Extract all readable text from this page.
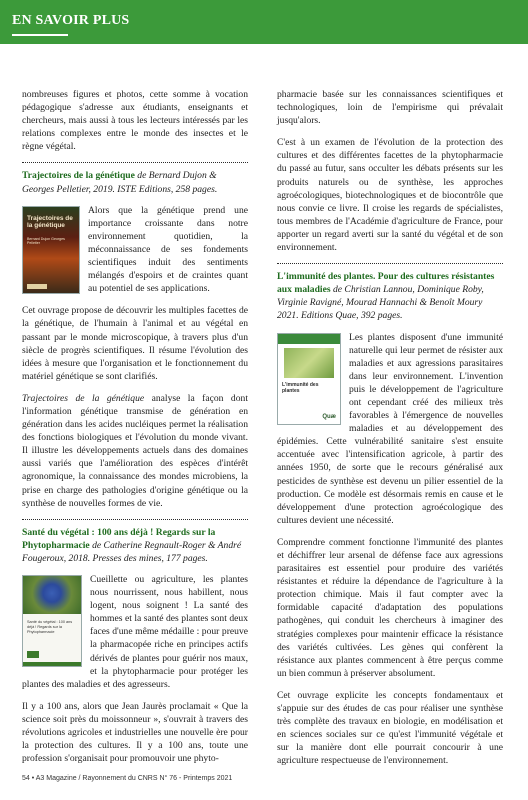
EN SAVOIR PLUS

nombreuses figures et photos, cette somme à vocation pédagogique s'adresse aux étudiants, enseignants et chercheurs, mais aussi à tous les lecteurs intéressés par les relations complexes entre le monde des insectes et le règne végétal.

Trajectoires de la génétique de Bernard Dujon & Georges Pelletier, 2019. ISTE Editions, 258 pages.
Trajectoires de la génétique
Bernard Dujon Georges Pelletier

Alors que la génétique prend une importance croissante dans notre environnement quotidien, la méconnaissance de ses fondements scientifiques induit des sentiments mélangés d'espoirs et de craintes quant au potentiel de ses applications.

Cet ouvrage propose de découvrir les multiples facettes de la génétique, de l'humain à l'animal et au végétal en passant par le monde microscopique, à travers plus d'un siècle de progrès scientifiques. Il résume l'évolution des idées à mesure que l'organisation et le fonctionnement du matériel génétique se sont clarifiés.

Trajectoires de la génétique analyse la façon dont l'information génétique transmise de génération en génération dans les acides nucléiques permet la réalisation des fonctions biologiques et l'évolution du monde vivant. Il illustre les développements actuels dans des domaines aussi variés que l'amélioration des espèces d'intérêt agronomique, la connaissance des mondes microbiens, la prise en charge des pathologies d'origine génétique ou la synthèse de nouvelles formes de vie.

Santé du végétal : 100 ans déjà ! Regards sur la Phytopharmacie de Catherine Regnault-Roger & André Fougeroux, 2018. Presses des mines, 177 pages.
Santé du végétal : 100 ans déjà ! Regards sur la Phytopharmacie

Cueillette ou agriculture, les plantes nous nourrissent, nous habillent, nous logent, nous soignent ! La santé des hommes et la santé des plantes sont deux faces d'une même médaille : pour preuve la pharmacopée riche en principes actifs dérivés de plantes pour guérir nos maux, et la phytopharmacie pour protéger les plantes des maladies et des agresseurs.

Il y a 100 ans, alors que Jean Jaurès proclamait « Que la science soit près du moissonneur », s'ouvrait à travers des révolutions agricoles et industrielles une nouvelle ère pour la protection des cultures. Il y a 100 ans, toute une profession s'organisait pour promouvoir une phyto-

pharmacie basée sur les connaissances scientifiques et technologiques, loin de l'empirisme qui prévalait jusqu'alors.

C'est à un examen de l'évolution de la protection des cultures et des différentes facettes de la phytopharmacie du passé au futur, sans occulter les débats présents sur les produits naturels ou de synthèse, les approches agroécologiques, biotechnologiques et de biocontrôle que nous convie ce livre. Il croise les regards de spécialistes, tous membres de l'Académie d'agriculture de France, pour apporter un regard averti sur la santé du végétal et de son environnement.

L'immunité des plantes. Pour des cultures résistantes aux maladies de Christian Lannou, Dominique Roby, Virginie Ravigné, Mourad Hannachi & Benoît Moury 2021. Editions Quae, 392 pages.
L'immunité des plantes
Quæ

Les plantes disposent d'une immunité naturelle qui leur permet de résister aux maladies et aux agressions parasitaires dans leur environnement. L'invention puis le développement de l'agriculture ont cependant créé des milieux très favorables à l'émergence de nouvelles maladies et au développement des épidémies. Cette vulnérabilité sanitaire s'est ensuite accentuée avec l'intensification agricole, à partir des années 1950, de sorte que le recours généralisé aux pesticides de synthèse est devenu un pilier essentiel de la production. Ce modèle est désormais remis en cause et le développement d'une protection agroécologique des cultures devient une nécessité.

Comprendre comment fonctionne l'immunité des plantes et déchiffrer leur arsenal de défense face aux agressions parasitaires est essentiel pour produire des variétés résistantes et réduire la dépendance de l'agriculture à la protection chimique. Mais il faut compter avec la formidable capacité d'adaptation des populations pathogènes, qui conduit les chercheurs à imaginer des stratégies complexes pour maintenir efficace la résistance des variétés cultivées. Les gènes qui confèrent la résistance aux plantes commencent à être perçus comme un bien commun à préserver absolument.

Cet ouvrage explicite les concepts fondamentaux et s'appuie sur des études de cas pour réaliser une synthèse très complète des travaux en biologie, en modélisation et en sciences sociales sur ce qu'est l'immunité végétale et sur la manière dont elle pourrait concourir à une agriculture respectueuse de l'environnement.

54 • A3 Magazine / Rayonnement du CNRS N° 76 - Printemps 2021
